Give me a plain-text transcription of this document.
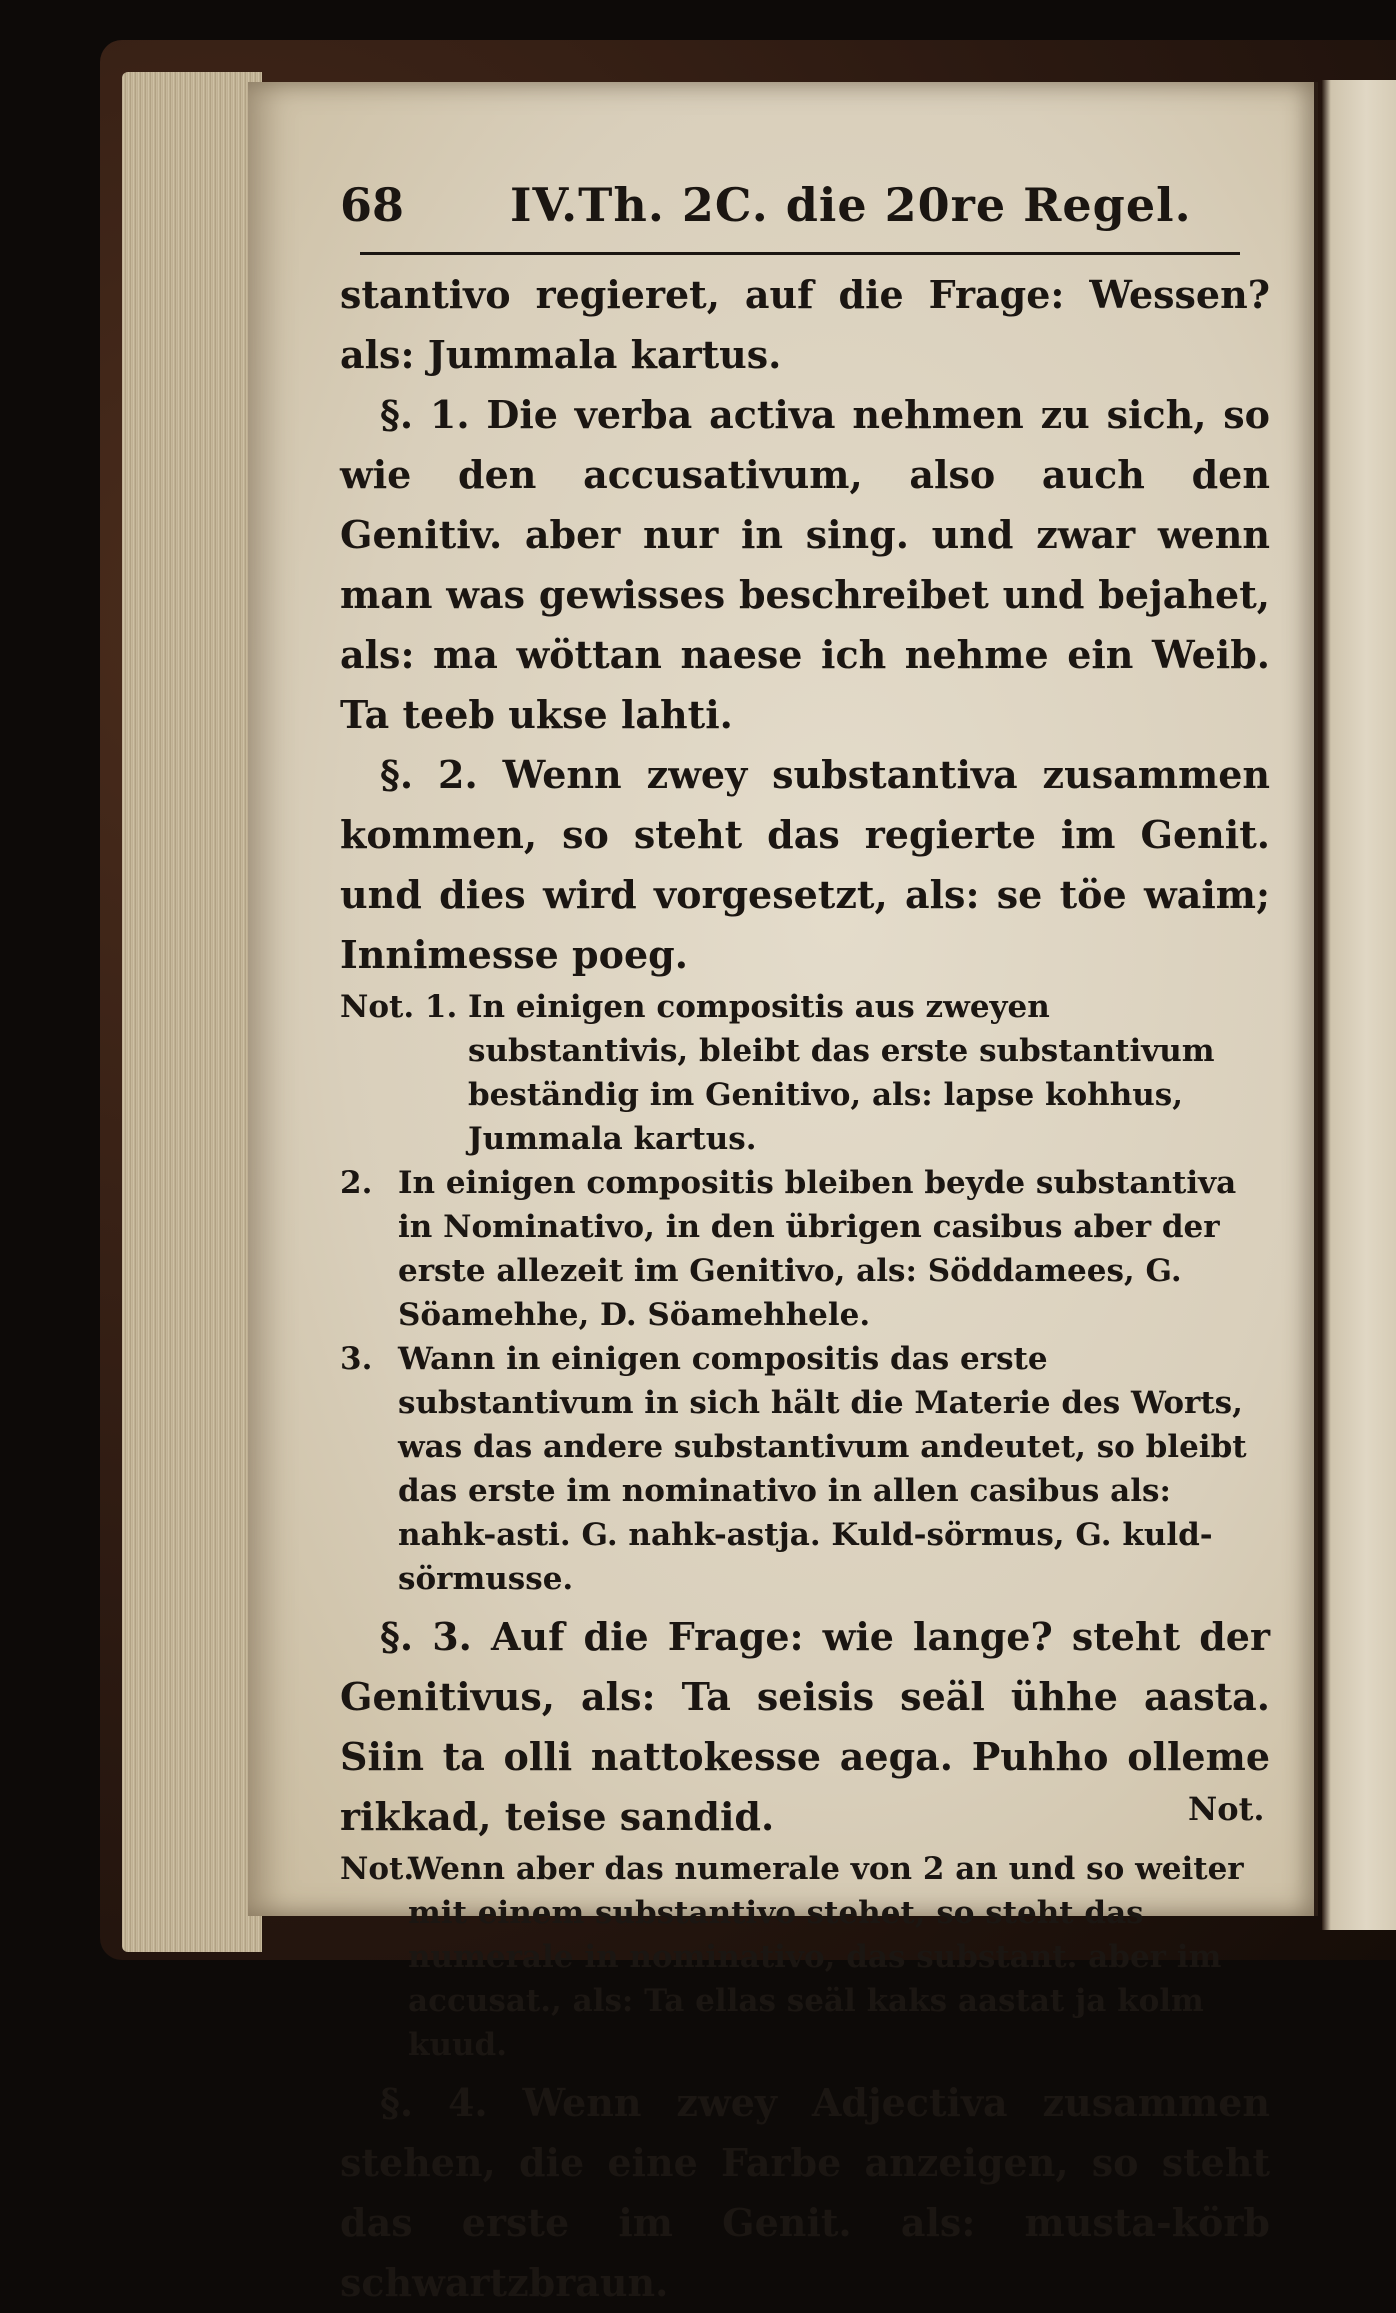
68 IV.Th. 2C. die 20re Regel.

stantivo regieret, auf die Frage: Wessen? als: Jummala kartus.

§. 1. Die verba activa nehmen zu sich, so wie den accusativum, also auch den Genitiv. aber nur in sing. und zwar wenn man was gewisses beschreibet und bejahet, als: ma wöttan naese ich nehme ein Weib. Ta teeb ukse lahti.

§. 2. Wenn zwey substantiva zusammen kommen, so steht das regierte im Genit. und dies wird vorgesetzt, als: se töe waim; Innimesse poeg.

Not. 1. In einigen compositis aus zweyen substantivis, bleibt das erste substantivum beständig im Genitivo, als: lapse kohhus, Jummala kartus.
2. In einigen compositis bleiben beyde substantiva in Nominativo, in den übrigen casibus aber der erste allezeit im Genitivo, als: Söddamees, G. Söamehhe, D. Söamehhele.
3. Wann in einigen compositis das erste substantivum in sich hält die Materie des Worts, was das andere substantivum andeutet, so bleibt das erste im nominativo in allen casibus als: nahk-asti. G. nahk-astja. Kuld-sörmus, G. kuld-sörmusse.

§. 3. Auf die Frage: wie lange? steht der Genitivus, als: Ta seisis seäl ühhe aasta. Siin ta olli nattokesse aega. Puhho olleme rikkad, teise sandid.

Not.
Wenn aber das numerale von 2 an und so weiter mit einem substantivo stehet, so steht das numerale in nominativo, das substant. aber im accusat., als: Ta ellas seäl kaks aastat ja kolm kuud.

§. 4. Wenn zwey Adjectiva zusammen stehen, die eine Farbe anzeigen, so steht das erste im Genit. als: musta-körb schwartzbraun.

Not.
